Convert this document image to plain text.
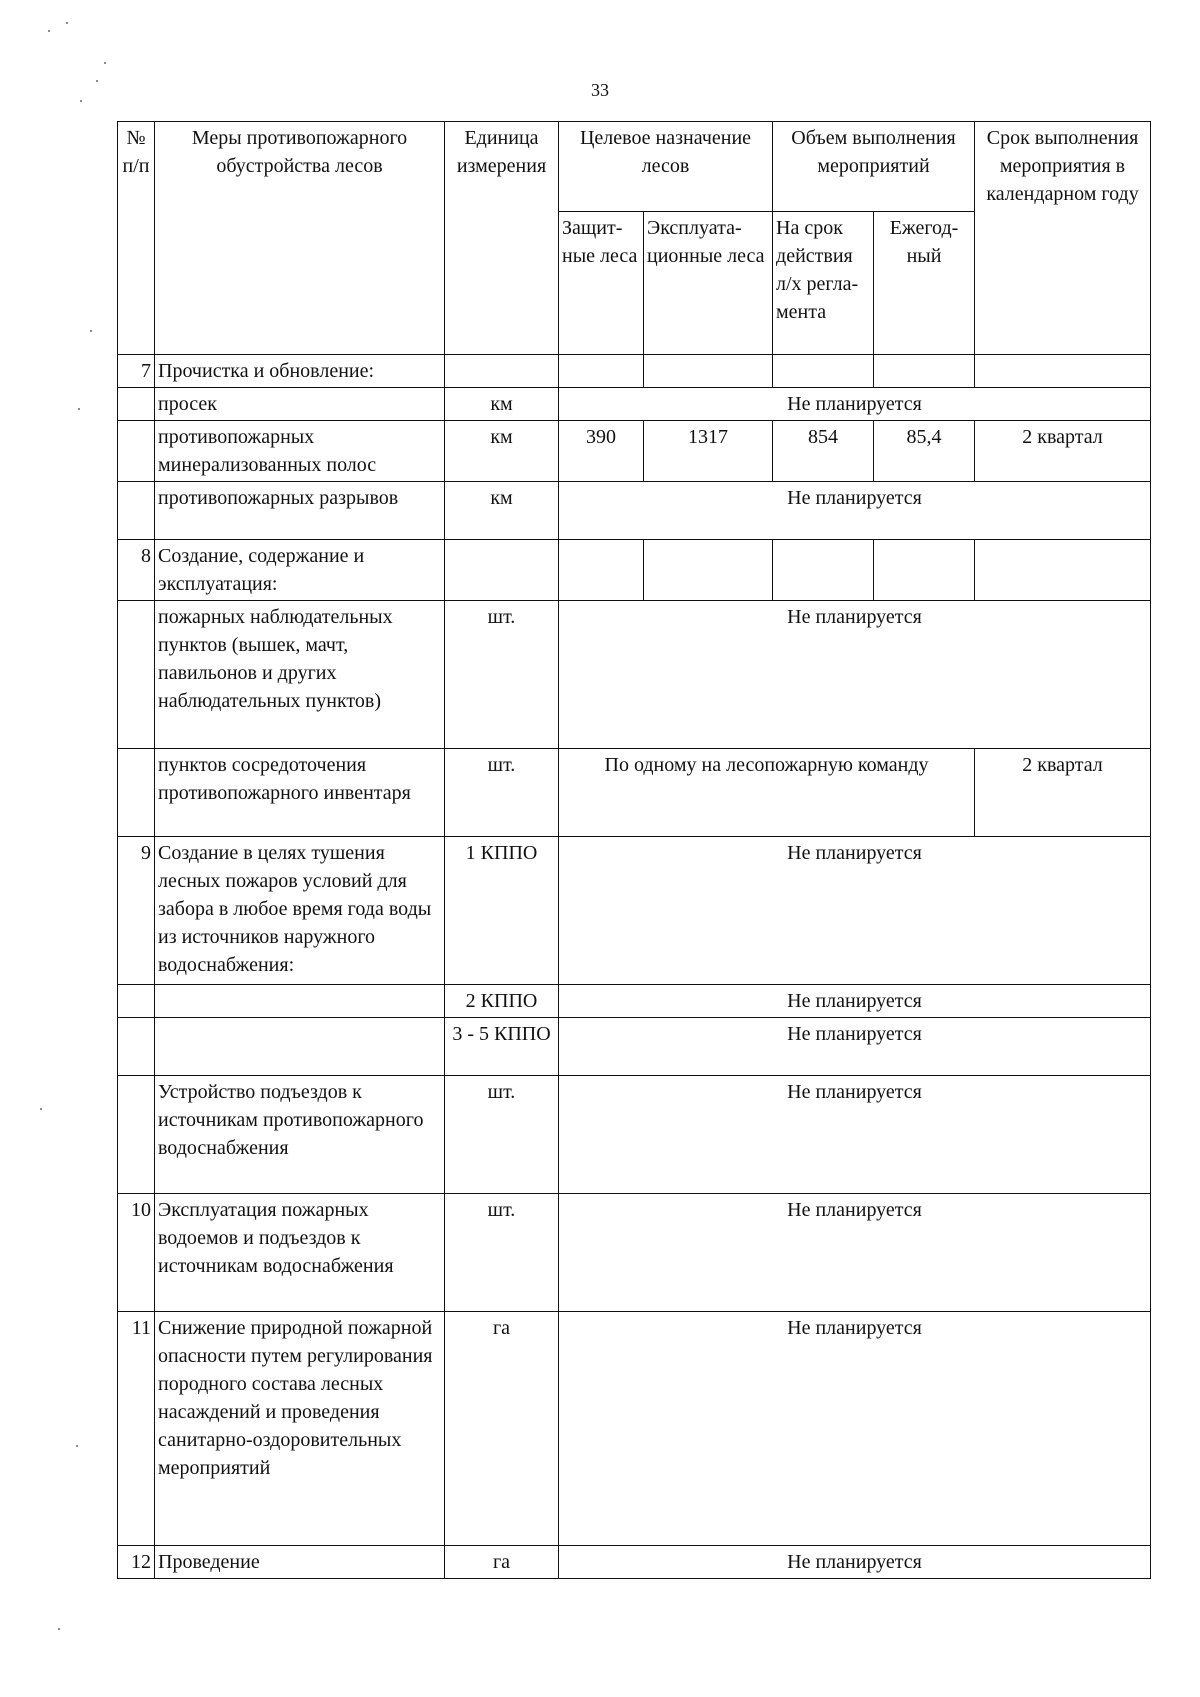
33
№ п/п	Меры противопожарного обустройства лесов	Единица измерения	Целевое назначение лесов		Объем выполнения мероприятий		Срок выполнения мероприятия в календарном году
			Защит-ные леса	Эксплуата-ционные леса	На срок действия л/х регла-мента	Ежегод-ный	
7	Прочистка и обновление:						
	просек	км	Не планируется				
	противопожарных минерализованных полос	км	390	1317	854	85,4	2 квартал
	противопожарных разрывов	км	Не планируется				
8	Создание, содержание и эксплуатация:						
	пожарных наблюдательных пунктов (вышек, мачт, павильонов и других наблюдательных пунктов)	шт.	Не планируется				
	пунктов сосредоточения противопожарного инвентаря	шт.	По одному на лесопожарную команду				2 квартал
9	Создание в целях тушения лесных пожаров условий для забора в любое время года воды из источников наружного водоснабжения:	1 КППО	Не планируется				
		2 КППО	Не планируется				
		3 - 5 КППО	Не планируется				
	Устройство подъездов к источникам противопожарного водоснабжения	шт.	Не планируется				
10	Эксплуатация пожарных водоемов и подъездов к источникам водоснабжения	шт.	Не планируется				
11	Снижение природной пожарной опасности путем регулирования породного состава лесных насаждений и проведения санитарно-оздоровительных мероприятий	га	Не планируется				
12	Проведение	га	Не планируется				
